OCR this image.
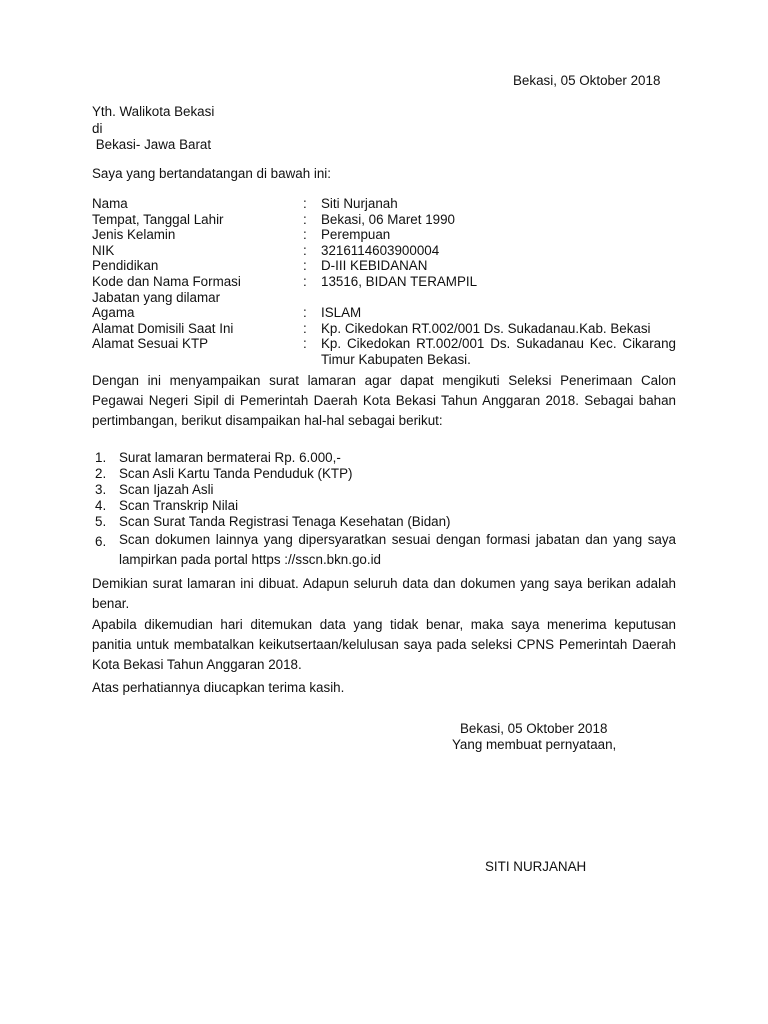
Bekasi, 05 Oktober 2018
Yth. Walikota Bekasi
di
Bekasi- Jawa Barat
Saya yang bertandatangan di bawah ini:
Nama	: Siti Nurjanah
Tempat, Tanggal Lahir	: Bekasi, 06 Maret 1990
Jenis Kelamin	: Perempuan
NIK	: 3216114603900004
Pendidikan	: D-III KEBIDANAN
Kode dan Nama Formasi	: 13516, BIDAN TERAMPIL
Jabatan yang dilamar
Agama	: ISLAM
Alamat Domisili Saat Ini	: Kp. Cikedokan RT.002/001 Ds. Sukadanau.Kab. Bekasi
Alamat Sesuai KTP	: Kp. Cikedokan RT.002/001 Ds. Sukadanau Kec. Cikarang Timur Kabupaten Bekasi.
Dengan ini menyampaikan surat lamaran agar dapat mengikuti Seleksi Penerimaan Calon Pegawai Negeri Sipil di Pemerintah Daerah Kota Bekasi Tahun Anggaran 2018. Sebagai bahan pertimbangan, berikut disampaikan hal-hal sebagai berikut:
1. Surat lamaran bermaterai Rp. 6.000,-
2. Scan Asli Kartu Tanda Penduduk (KTP)
3. Scan Ijazah Asli
4. Scan Transkrip Nilai
5. Scan Surat Tanda Registrasi Tenaga Kesehatan (Bidan)
6. Scan dokumen lainnya yang dipersyaratkan sesuai dengan formasi jabatan dan yang saya lampirkan pada portal https ://sscn.bkn.go.id
Demikian surat lamaran ini dibuat. Adapun seluruh data dan dokumen yang saya berikan adalah benar.
Apabila dikemudian hari ditemukan data yang tidak benar, maka saya menerima keputusan panitia untuk membatalkan keikutsertaan/kelulusan saya pada seleksi CPNS Pemerintah Daerah Kota Bekasi Tahun Anggaran 2018.
Atas perhatiannya diucapkan terima kasih.
Bekasi, 05 Oktober 2018
Yang membuat pernyataan,
SITI NURJANAH
